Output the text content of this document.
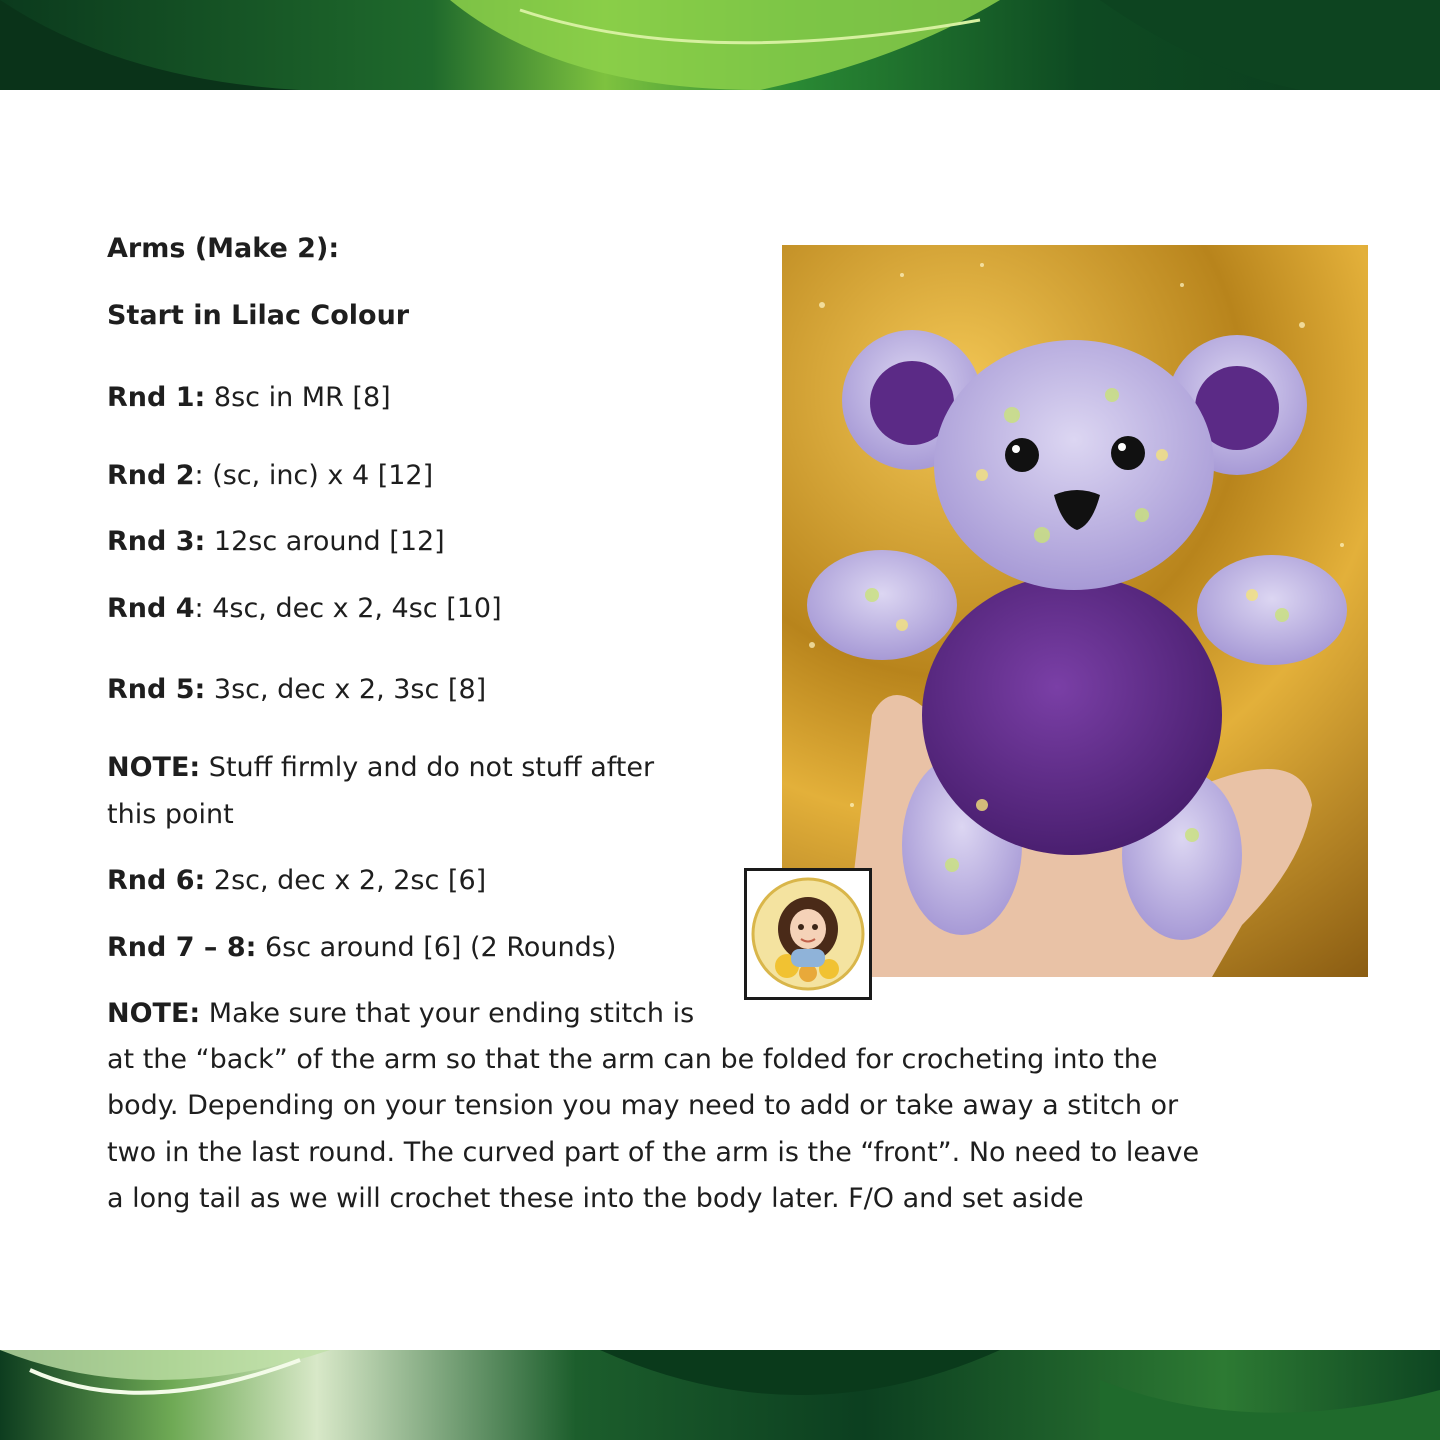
Arms (Make 2):
Start in Lilac Colour
Rnd 1: 8sc in MR [8]
Rnd 2: (sc, inc) x 4 [12]
Rnd 3: 12sc around [12]
Rnd 4: 4sc, dec x 2, 4sc [10]
Rnd 5: 3sc, dec x 2, 3sc [8]
NOTE: Stuff firmly and do not stuff after
this point
Rnd 6: 2sc, dec x 2, 2sc [6]
Rnd 7 – 8: 6sc around [6] (2 Rounds)
NOTE: Make sure that your ending stitch is
at the “back” of the arm so that the arm can be folded for crocheting into the
body. Depending on your tension you may need to add or take away a stitch or
two in the last round. The curved part of the arm is the “front”. No need to leave
a long tail as we will crochet these into the body later. F/O and set aside
